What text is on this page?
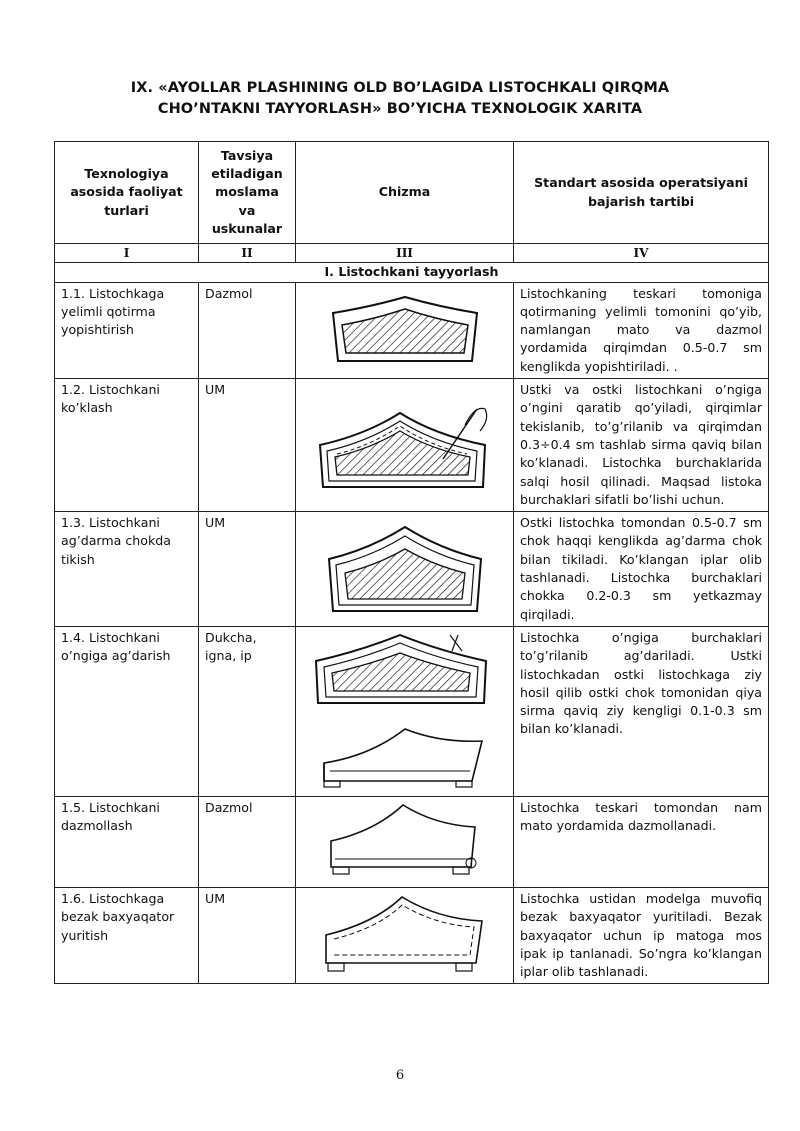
IX. «AYOLLAR PLASHINING OLD BO’LAGIDA LISTOCHKALI QIRQMA
CHO’NTAKNI TAYYORLASH» BO’YICHA TEXNOLOGIK XARITA
Texnologiya asosida faoliyat turlari	Tavsiya etiladigan moslama va uskunalar	Chizma	Standart asosida operatsiyani bajarish tartibi
I	II	III	IV
I. Listochkani tayyorlash			
1.1. Listochkaga yelimli qotirma yopishtirish	Dazmol		Listochkaning teskari tomoniga qotirmaning yelimli tomonini qo’yib, namlangan mato va dazmol yordamida qirqimdan 0.5-0.7 sm kenglikda yopishtiriladi. .
1.2. Listochkani ko’klash	UM		Ustki va ostki listochkani o’ngiga o’ngini qaratib qo’yiladi, qirqimlar tekislanib, to’g’rilanib va qirqimdan 0.3÷0.4 sm tashlab sirma qaviq bilan ko’klanadi. Listochka burchaklarida salqi hosil qilinadi. Maqsad listoka burchaklari sifatli bo’lishi uchun.
1.3. Listochkani ag’darma chokda tikish	UM		Ostki listochka tomondan 0.5-0.7 sm chok haqqi kenglikda ag’darma chok bilan tikiladi. Ko’klangan iplar olib tashlanadi. Listochka burchaklari chokka 0.2-0.3 sm yetkazmay qirqiladi.
1.4. Listochkani o’ngiga ag’darish	Dukcha, igna, ip		Listochka o’ngiga burchaklari to’g’rilanib ag’dariladi. Ustki listochkadan ostki listochkaga ziy hosil qilib ostki chok tomonidan qiya sirma qaviq ziy kengligi 0.1-0.3 sm bilan ko’klanadi.
1.5. Listochkani dazmollash	Dazmol		Listochka teskari tomondan nam mato yordamida dazmollanadi.
1.6. Listochkaga bezak baxyaqator yuritish	UM		Listochka ustidan modelga muvofiq bezak baxyaqator yuritiladi. Bezak baxyaqator uchun ip matoga mos ipak ip tanlanadi. So’ngra ko’klangan iplar olib tashlanadi.
6
